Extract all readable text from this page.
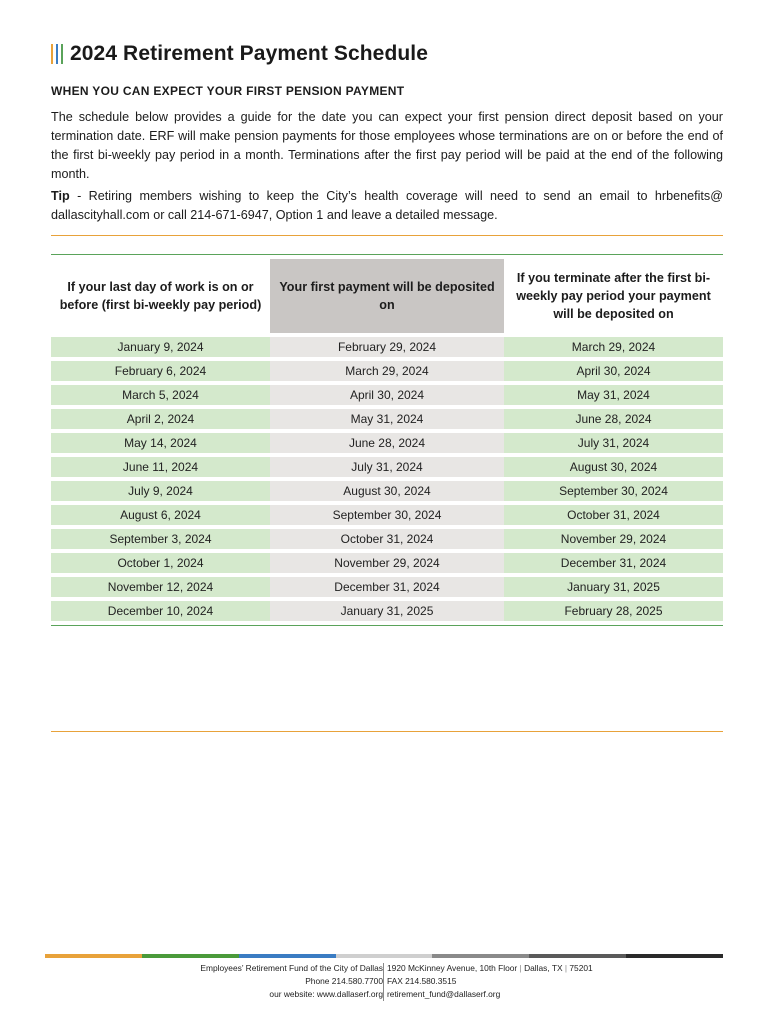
2024 Retirement Payment Schedule
WHEN YOU CAN EXPECT YOUR FIRST PENSION PAYMENT

The schedule below provides a guide for the date you can expect your first pension direct deposit based on your termination date. ERF will make pension payments for those employees whose terminations are on or before the end of the first bi-weekly pay period in a month. Terminations after the first pay period will be paid at the end of the following month.

Tip - Retiring members wishing to keep the City’s health coverage will need to send an email to hrbenefits@ dallascityhall.com or call 214-671-6947, Option 1 and leave a detailed message.

If your last day of work is on or before (first bi-weekly pay period)	Your first payment will be deposited on	If you terminate after the first bi-weekly pay period your payment will be deposited on
January 9, 2024	February 29, 2024	March 29, 2024
February 6, 2024	March 29, 2024	April 30, 2024
March 5, 2024	April 30, 2024	May 31, 2024
April 2, 2024	May 31, 2024	June 28, 2024
May 14, 2024	June 28, 2024	July 31, 2024
June 11, 2024	July 31, 2024	August 30, 2024
July 9, 2024	August 30, 2024	September 30, 2024
August 6, 2024	September 30, 2024	October 31, 2024
September 3, 2024	October 31, 2024	November 29, 2024
October 1, 2024	November 29, 2024	December 31, 2024
November 12, 2024	December 31, 2024	January 31, 2025
December 10, 2024	January 31, 2025	February 28, 2025
Employees’ Retirement Fund of the City of Dallas
Phone 214.580.7700
our website: www.dallaserf.org
1920 McKinney Avenue, 10th Floor | Dallas, TX | 75201
FAX 214.580.3515
retirement_fund@dallaserf.org
